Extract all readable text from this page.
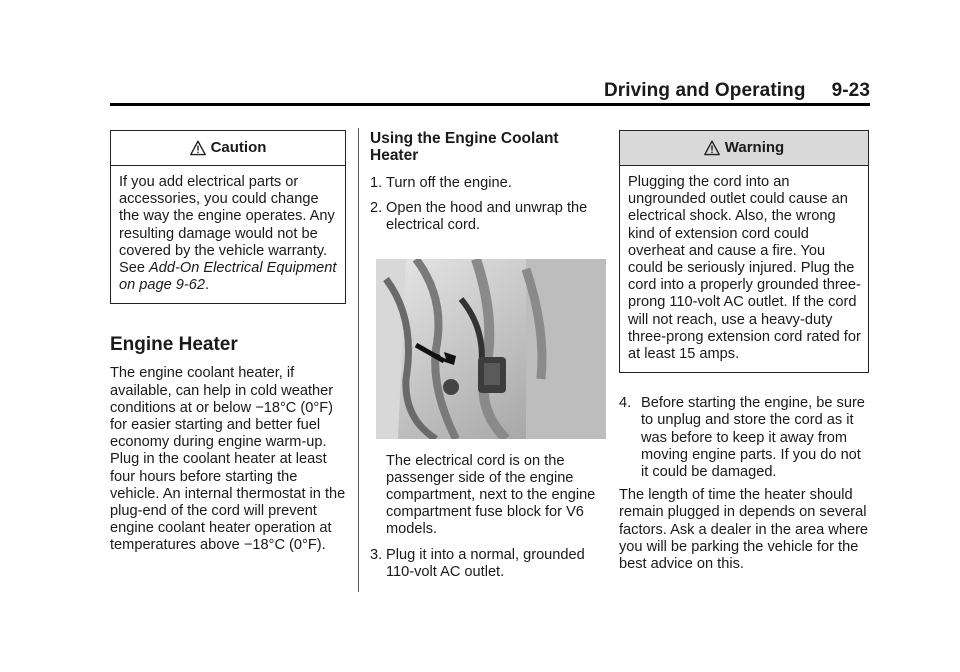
Driving and Operating 9-23
Caution

If you add electrical parts or accessories, you could change the way the engine operates. Any resulting damage would not be covered by the vehicle warranty. See Add-On Electrical Equipment on page 9-62.

Engine Heater

The engine coolant heater, if available, can help in cold weather conditions at or below −18°C (0°F) for easier starting and better fuel economy during engine warm-up. Plug in the coolant heater at least four hours before starting the vehicle. An internal thermostat in the plug-end of the cord will prevent engine coolant heater operation at temperatures above −18°C (0°F).

Using the Engine Coolant Heater
1. Turn off the engine.
2. Open the hood and unwrap the electrical cord.

The electrical cord is on the passenger side of the engine compartment, next to the engine compartment fuse block for V6 models.

3. Plug it into a normal, grounded 110-volt AC outlet.
Warning

Plugging the cord into an ungrounded outlet could cause an electrical shock. Also, the wrong kind of extension cord could overheat and cause a fire. You could be seriously injured. Plug the cord into a properly grounded three-prong 110-volt AC outlet. If the cord will not reach, use a heavy-duty three-prong extension cord rated for at least 15 amps.

4. Before starting the engine, be sure to unplug and store the cord as it was before to keep it away from moving engine parts. If you do not it could be damaged.

The length of time the heater should remain plugged in depends on several factors. Ask a dealer in the area where you will be parking the vehicle for the best advice on this.
